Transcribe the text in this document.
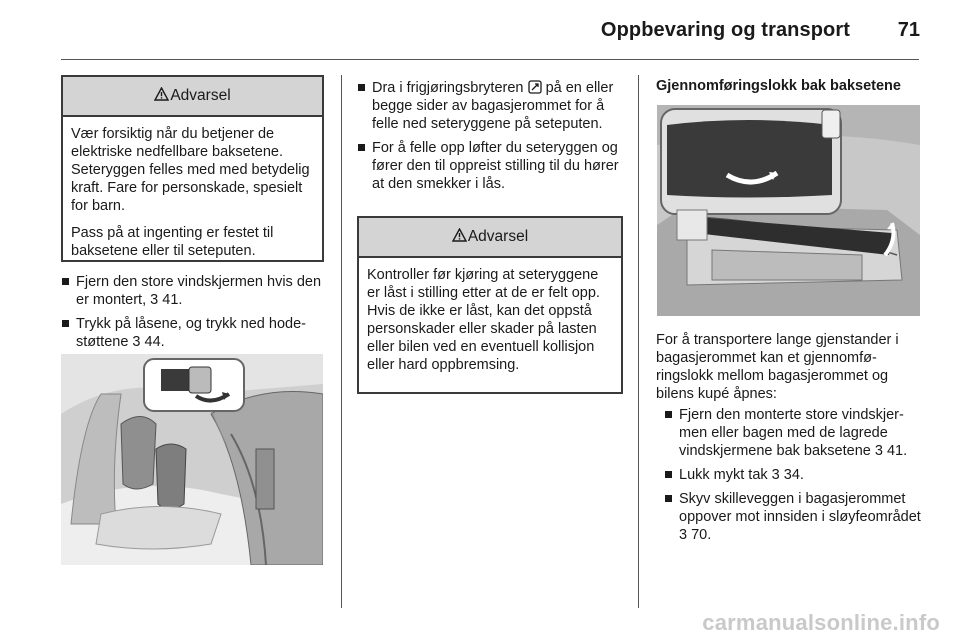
Oppbevaring og transport 71
Advarsel

Vær forsiktig når du betjener de elektriske nedfellbare baksetene. Seteryggen felles med med betydelig kraft. Fare for personskade, spesielt for barn.

Pass på at ingenting er festet til baksetene eller til seteputen.

Fjern den store vindskjermen hvis den er montert, 3 41.
Trykk på låsene, og trykk ned hodestøttene 3 44.
Dra i frigjøringsbryteren på en eller begge sider av bagasjerommet for å felle ned seteryggene på seteputen.
For å felle opp løfter du seteryggen og fører den til oppreist stilling til du hører at den smekker i lås.
Advarsel

Kontroller før kjøring at seteryggene er låst i stilling etter at de er felt opp. Hvis de ikke er låst, kan det oppstå personskader eller skader på lasten eller bilen ved en eventuell kollisjon eller hard oppbremsing.

Gjennomføringslokk bak baksetene

For å transportere lange gjenstander i bagasjerommet kan et gjennomføringslokk mellom bagasjerommet og bilens kupé åpnes:

Fjern den monterte store vindskjermen eller bagen med de lagrede vindskjermene bak baksetene 3 41.
Lukk mykt tak 3 34.
Skyv skilleveggen i bagasjerommet oppover mot innsiden i sløyfeområdet 3 70.
carmanualsonline.info
